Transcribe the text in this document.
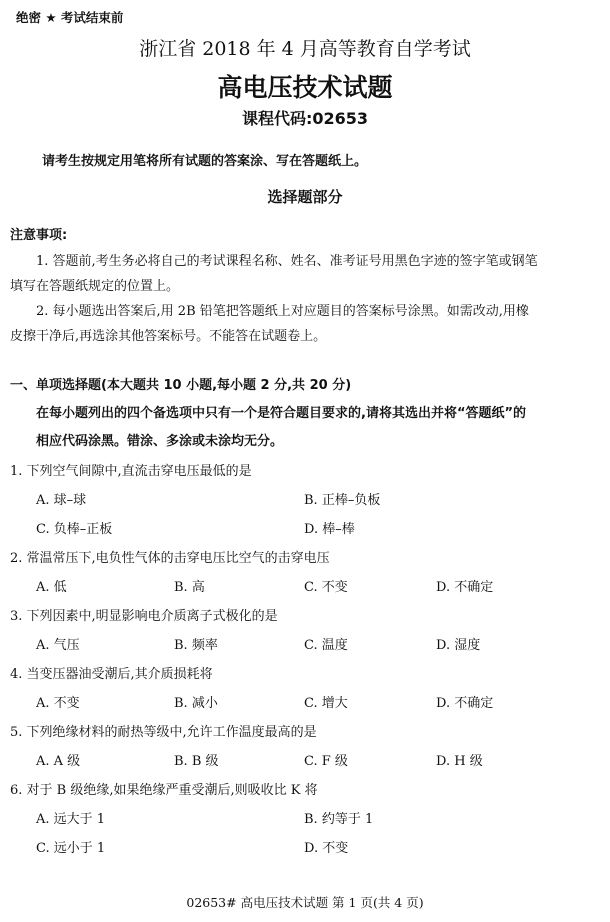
绝密 ★ 考试结束前
浙江省 2018 年 4 月高等教育自学考试
高电压技术试题
课程代码:02653
请考生按规定用笔将所有试题的答案涂、写在答题纸上。
选择题部分
注意事项:
1. 答题前,考生务必将自己的考试课程名称、姓名、准考证号用黑色字迹的签字笔或钢笔
填写在答题纸规定的位置上。
2. 每小题选出答案后,用 2B 铅笔把答题纸上对应题目的答案标号涂黑。如需改动,用橡
皮擦干净后,再选涂其他答案标号。不能答在试题卷上。
一、单项选择题(本大题共 10 小题,每小题 2 分,共 20 分)
在每小题列出的四个备选项中只有一个是符合题目要求的,请将其选出并将“答题纸”的
相应代码涂黑。错涂、多涂或未涂均无分。
1. 下列空气间隙中,直流击穿电压最低的是
A. 球–球	B. 正棒–负板
C. 负棒–正板	D. 棒–棒
2. 常温常压下,电负性气体的击穿电压比空气的击穿电压
A. 低	B. 高	C. 不变	D. 不确定
3. 下列因素中,明显影响电介质离子式极化的是
A. 气压	B. 频率	C. 温度	D. 湿度
4. 当变压器油受潮后,其介质损耗将
A. 不变	B. 减小	C. 增大	D. 不确定
5. 下列绝缘材料的耐热等级中,允许工作温度最高的是
A. A 级	B. B 级	C. F 级	D. H 级
6. 对于 B 级绝缘,如果绝缘严重受潮后,则吸收比 K 将
A. 远大于 1	B. 约等于 1
C. 远小于 1	D. 不变
02653# 高电压技术试题 第 1 页(共 4 页)
